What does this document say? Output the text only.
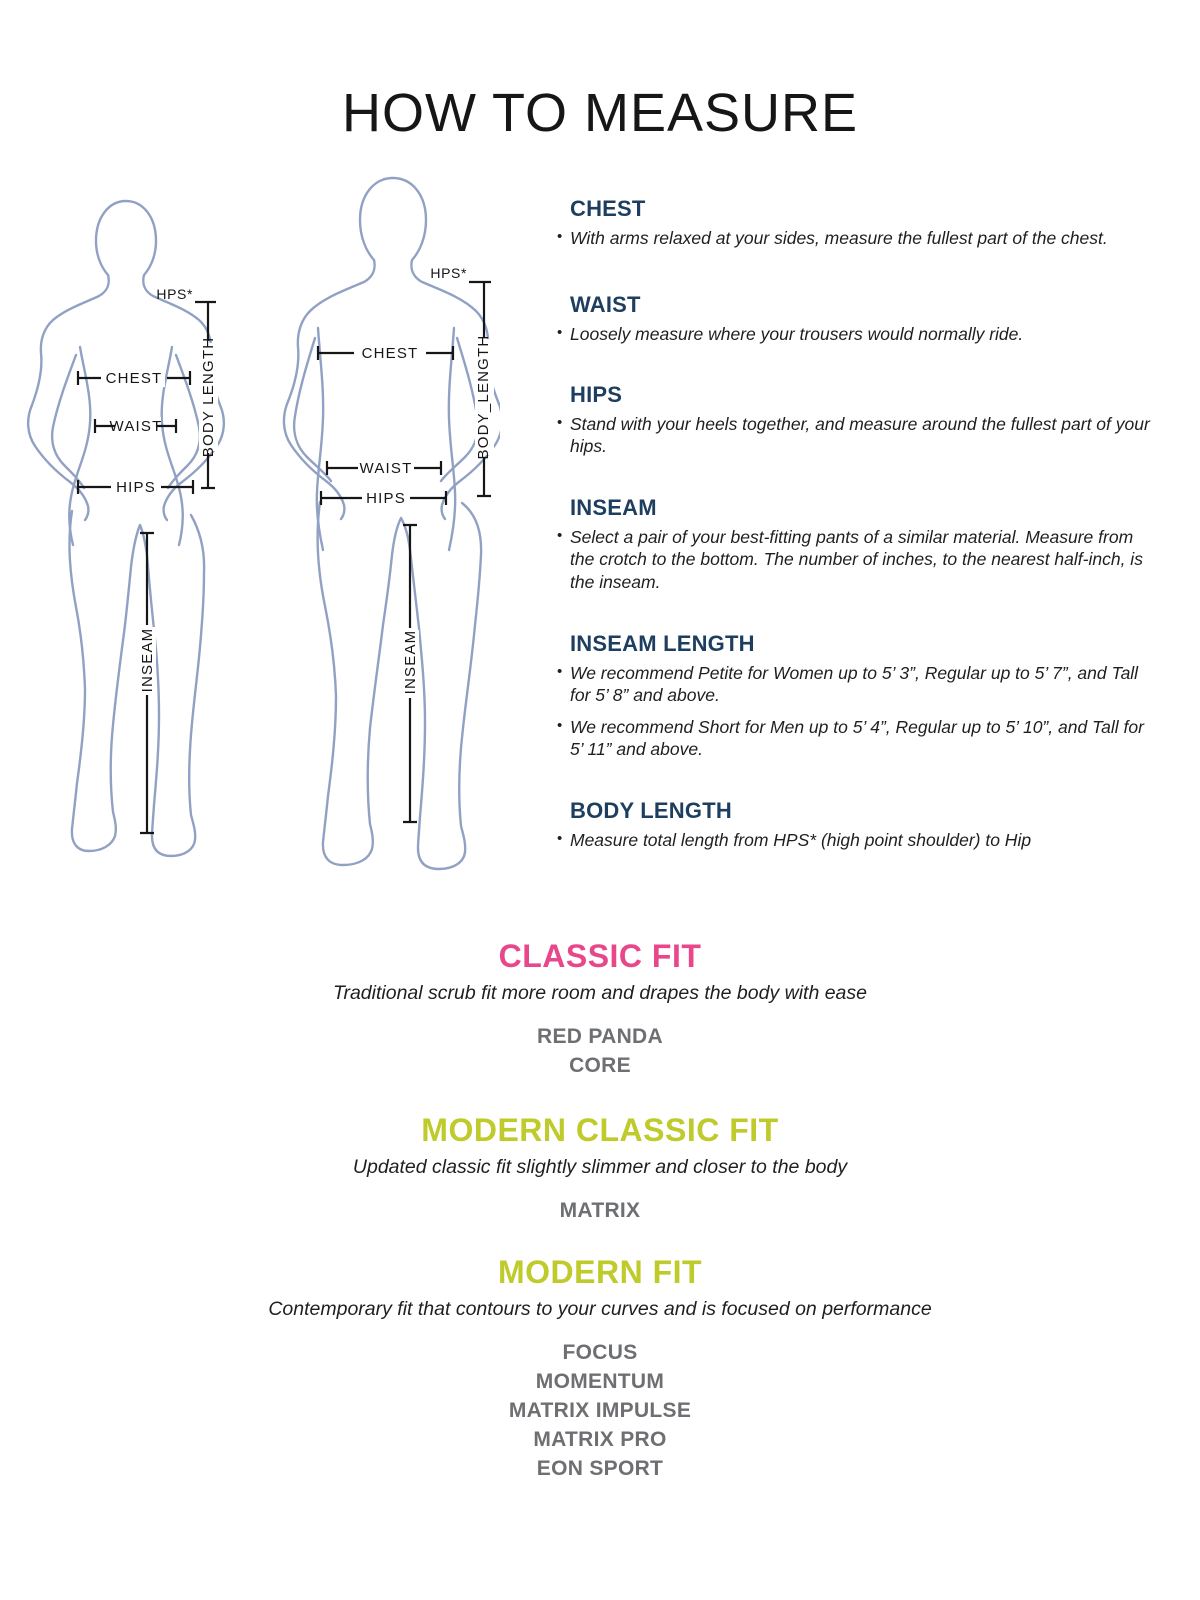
HOW TO MEASURE
HPS*
CHEST
WAIST
HIPS
BODY LENGTH
INSEAM
HPS*
CHEST
WAIST
HIPS
BODY_LENGTH
INSEAM
CHEST
• With arms relaxed at your sides, measure the fullest part of the chest.
WAIST
• Loosely measure where your trousers would normally ride.
HIPS
• Stand with your heels together, and measure around the fullest part of your hips.
INSEAM
• Select a pair of your best-fitting pants of a similar material. Measure from the crotch to the bottom. The number of inches, to the nearest half-inch, is the inseam.
INSEAM LENGTH
• We recommend Petite for Women up to 5’ 3”, Regular up to 5’ 7”, and Tall for 5’ 8” and above.
• We recommend Short for Men up to 5’ 4”, Regular up to 5’ 10”, and Tall for 5’ 11” and above.
BODY LENGTH
• Measure total length from HPS* (high point shoulder) to Hip
CLASSIC FIT

Traditional scrub fit more room and drapes the body with ease

RED PANDA
CORE
MODERN CLASSIC FIT

Updated classic fit slightly slimmer and closer to the body

MATRIX
MODERN FIT

Contemporary fit that contours to your curves and is focused on performance

FOCUS
MOMENTUM
MATRIX IMPULSE
MATRIX PRO
EON SPORT
